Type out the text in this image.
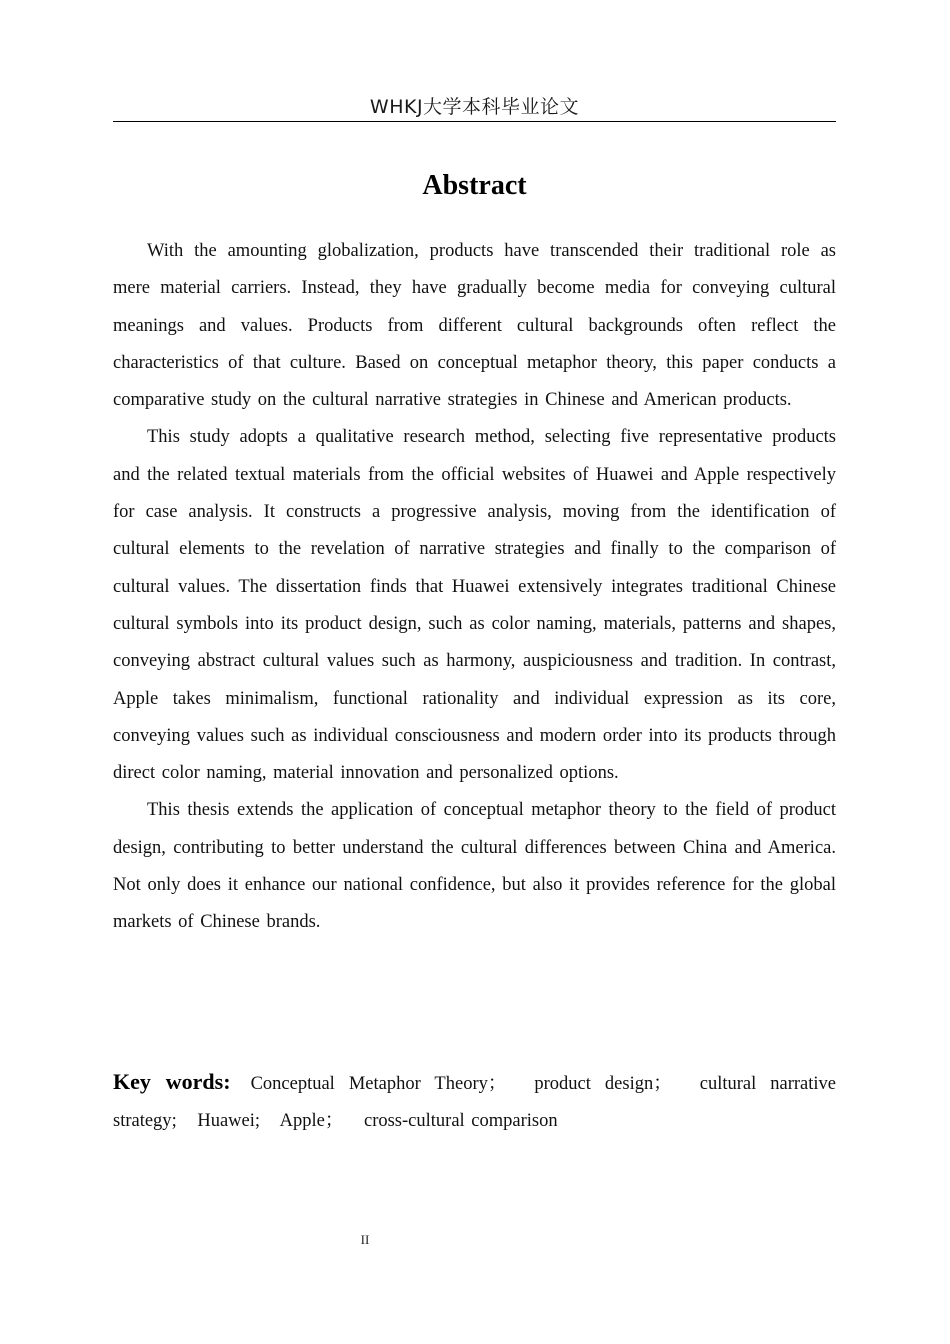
WHKJ大学本科毕业论文
Abstract

With the amounting globalization, products have transcended their traditional role as mere material carriers. Instead, they have gradually become media for conveying cultural meanings and values. Products from different cultural backgrounds often reflect the characteristics of that culture. Based on conceptual metaphor theory, this paper conducts a comparative study on the cultural narrative strategies in Chinese and American products.

This study adopts a qualitative research method, selecting five representative products and the related textual materials from the official websites of Huawei and Apple respectively for case analysis. It constructs a progressive analysis, moving from the identification of cultural elements to the revelation of narrative strategies and finally to the comparison of cultural values. The dissertation finds that Huawei extensively integrates traditional Chinese cultural symbols into its product design, such as color naming, materials, patterns and shapes, conveying abstract cultural values such as harmony, auspiciousness and tradition. In contrast, Apple takes minimalism, functional rationality and individual expression as its core, conveying values such as individual consciousness and modern order into its products through direct color naming, material innovation and personalized options.

This thesis extends the application of conceptual metaphor theory to the field of product design, contributing to better understand the cultural differences between China and America. Not only does it enhance our national confidence, but also it provides reference for the global markets of Chinese brands.

Key words: Conceptual Metaphor Theory； product design； cultural narrative strategy; Huawei; Apple； cross-cultural comparison

II
